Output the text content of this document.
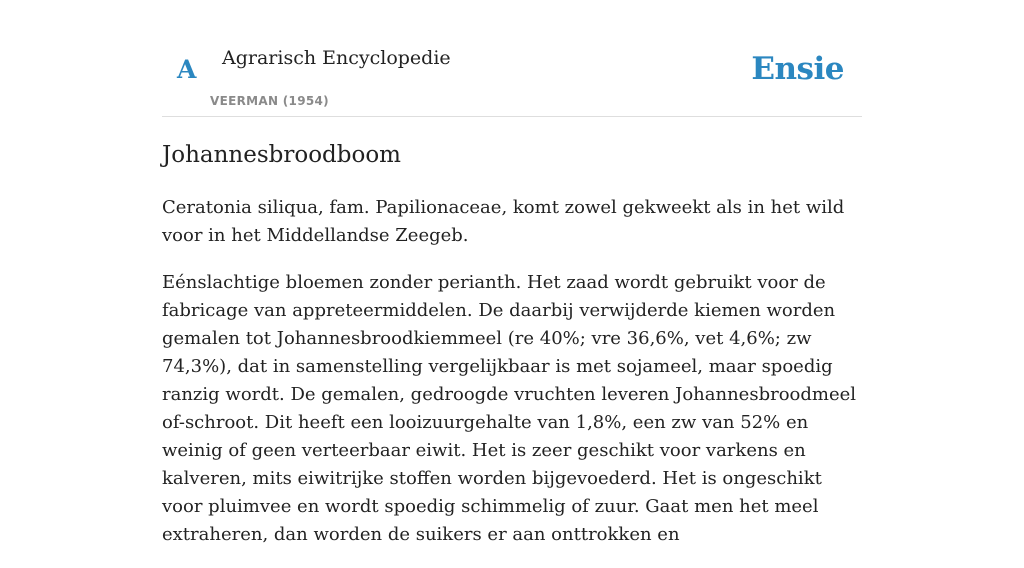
A Agrarisch Encyclopedie
VEERMAN (1954)
Ensie
Johannesbroodboom

Ceratonia siliqua, fam. Papilionaceae, komt zowel gekweekt als in het wild voor in het Middellandse Zeegeb.

Eénslachtige bloemen zonder perianth. Het zaad wordt gebruikt voor de fabricage van appreteermiddelen. De daarbij verwijderde kiemen worden gemalen tot Johannesbroodkiemmeel (re 40%; vre 36,6%, vet 4,6%; zw 74,3%), dat in samenstelling vergelijkbaar is met sojameel, maar spoedig ranzig wordt. De gemalen, gedroogde vruchten leveren Johannesbroodmeel of-schroot. Dit heeft een looizuurgehalte van 1,8%, een zw van 52% en weinig of geen verteerbaar eiwit. Het is zeer geschikt voor varkens en kalveren, mits eiwitrijke stoffen worden bijgevoederd. Het is ongeschikt voor pluimvee en wordt spoedig schimmelig of zuur. Gaat men het meel extraheren, dan worden de suikers er aan onttrokken en
